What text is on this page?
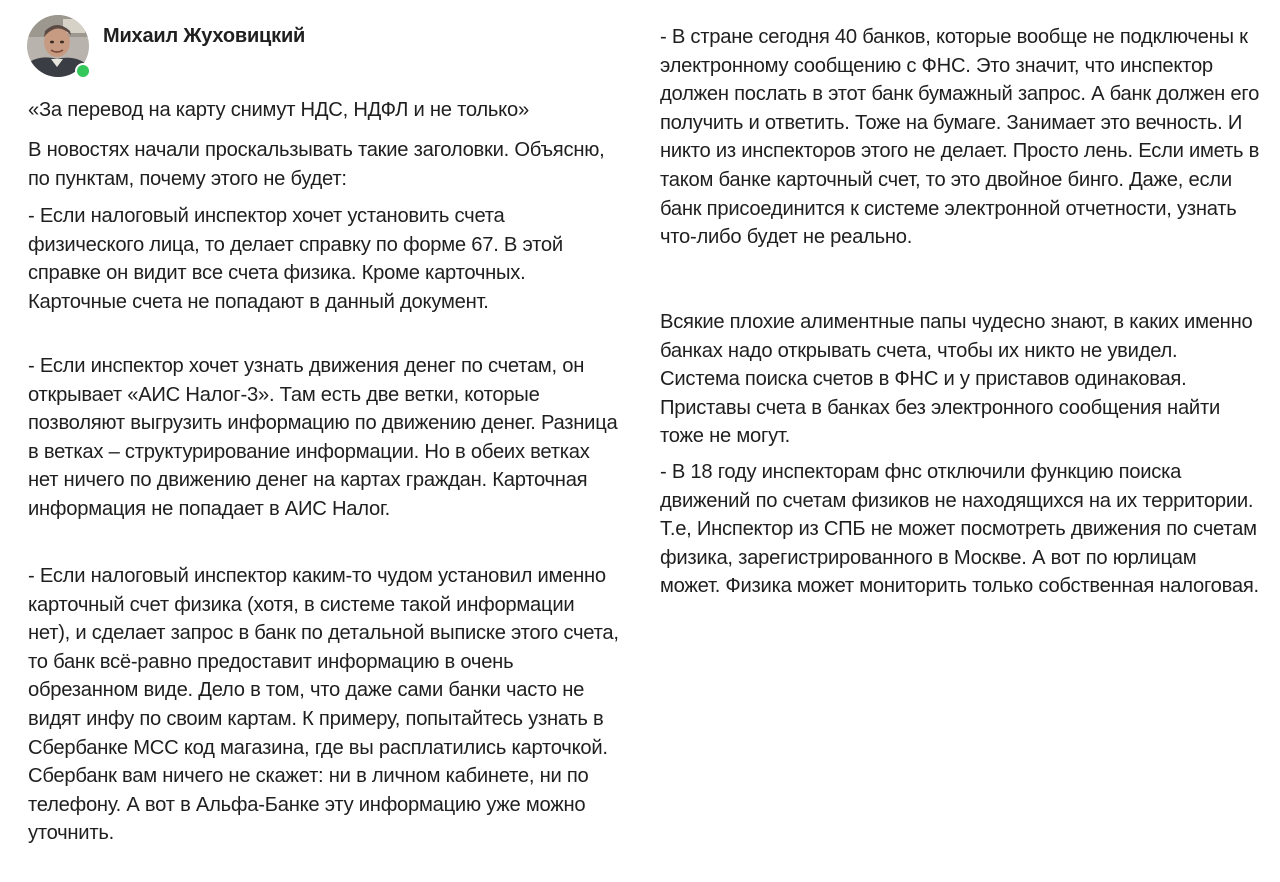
Михаил Жуховицкий

«За перевод на карту снимут НДС, НДФЛ и не только»

В новостях начали проскальзывать такие заголовки. Объясню, по пунктам, почему этого не будет:

- Если налоговый инспектор хочет установить счета физического лица, то делает справку по форме 67. В этой справке он видит все счета физика. Кроме карточных. Карточные счета не попадают в данный документ.

- Если инспектор хочет узнать движения денег по счетам, он открывает «АИС Налог-3». Там есть две ветки, которые позволяют выгрузить информацию по движению денег. Разница в ветках – структурирование информации. Но в обеих ветках нет ничего по движению денег на картах граждан. Карточная информация не попадает в АИС Налог.

- Если налоговый инспектор каким-то чудом установил именно карточный счет физика (хотя, в системе такой информации нет), и сделает запрос в банк по детальной выписке этого счета, то банк всё-равно предоставит информацию в очень обрезанном виде. Дело в том, что даже сами банки часто не видят инфу по своим картам. К примеру, попытайтесь узнать в Сбербанке MCC код магазина, где вы расплатились карточкой. Сбербанк вам ничего не скажет: ни в личном кабинете, ни по телефону. А вот в Альфа-Банке эту информацию уже можно уточнить.

- В стране сегодня 40 банков, которые вообще не подключены к электронному сообщению с ФНС. Это значит, что инспектор должен послать в этот банк бумажный запрос. А банк должен его получить и ответить. Тоже на бумаге. Занимает это вечность. И никто из инспекторов этого не делает. Просто лень. Если иметь в таком банке карточный счет, то это двойное бинго. Даже, если банк присоединится к системе электронной отчетности, узнать что-либо будет не реально.

Всякие плохие алиментные папы чудесно знают, в каких именно банках надо открывать счета, чтобы их никто не увидел. Система поиска счетов в ФНС и у приставов одинаковая. Приставы счета в банках без электронного сообщения найти тоже не могут.

- В 18 году инспекторам фнс отключили функцию поиска движений по счетам физиков не находящихся на их территории. Т.е, Инспектор из СПБ не может посмотреть движения по счетам физика, зарегистрированного в Москве. А вот по юрлицам может. Физика может мониторить только собственная налоговая.
